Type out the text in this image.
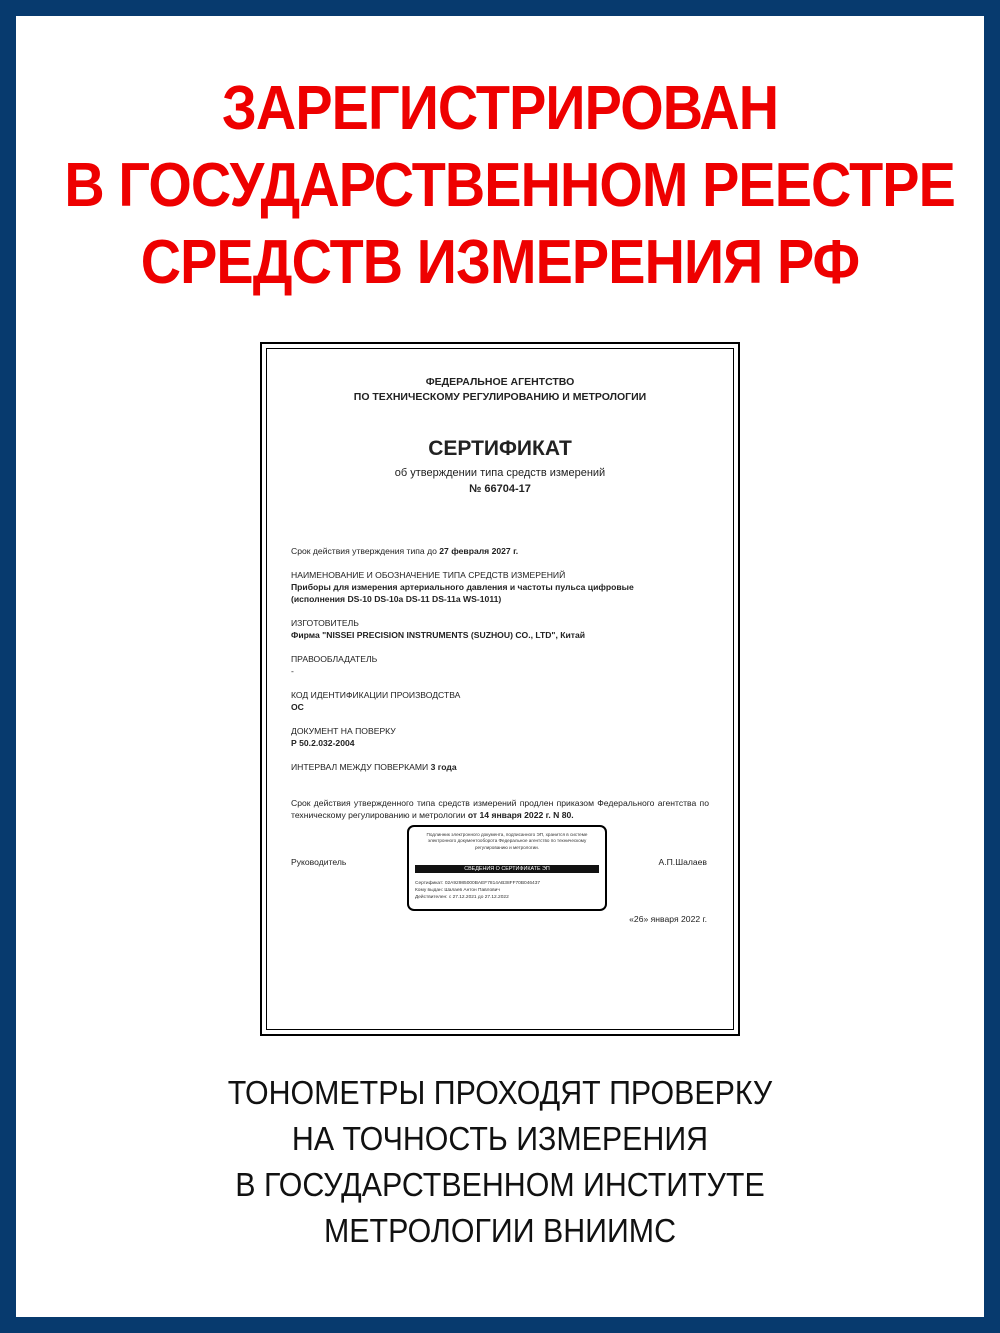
ЗАРЕГИСТРИРОВАН
В ГОСУДАРСТВЕННОМ РЕЕСТРЕ
СРЕДСТВ ИЗМЕРЕНИЯ РФ
ФЕДЕРАЛЬНОЕ АГЕНТСТВО
ПО ТЕХНИЧЕСКОМУ РЕГУЛИРОВАНИЮ И МЕТРОЛОГИИ
СЕРТИФИКАТ
об утверждении типа средств измерений
№ 66704-17
Срок действия утверждения типа до 27 февраля 2027 г.
НАИМЕНОВАНИЕ И ОБОЗНАЧЕНИЕ ТИПА СРЕДСТВ ИЗМЕРЕНИЙ
Приборы для измерения артериального давления и частоты пульса цифровые
(исполнения DS-10 DS-10a DS-11 DS-11a WS-1011)
ИЗГОТОВИТЕЛЬ
Фирма "NISSEI PRECISION INSTRUMENTS (SUZHOU) CO., LTD", Китай
ПРАВООБЛАДАТЕЛЬ
-
КОД ИДЕНТИФИКАЦИИ ПРОИЗВОДСТВА
ОС
ДОКУМЕНТ НА ПОВЕРКУ
Р 50.2.032-2004
ИНТЕРВАЛ МЕЖДУ ПОВЕРКАМИ 3 года
Срок действия утвержденного типа средств измерений продлен приказом Федерального агентства по техническому регулированию и метрологии от 14 января 2022 г. N 80.
Руководитель	А.П.Шалаев
Подлинник электронного документа, подписанного ЭП, хранится в системе электронного документооборота Федеральное агентство по техническому регулированию и метрологии.
СВЕДЕНИЯ О СЕРТИФИКАТЕ ЭП
Сертификат: 02A92985000BAEF7814AB38FF70B046437
Кому выдан: Шалаев Антон Павлович
Действителен: с 27.12.2021 до 27.12.2022
«26» января 2022 г.
ТОНОМЕТРЫ ПРОХОДЯТ ПРОВЕРКУ
НА ТОЧНОСТЬ ИЗМЕРЕНИЯ
В ГОСУДАРСТВЕННОМ ИНСТИТУТЕ
МЕТРОЛОГИИ ВНИИМС
